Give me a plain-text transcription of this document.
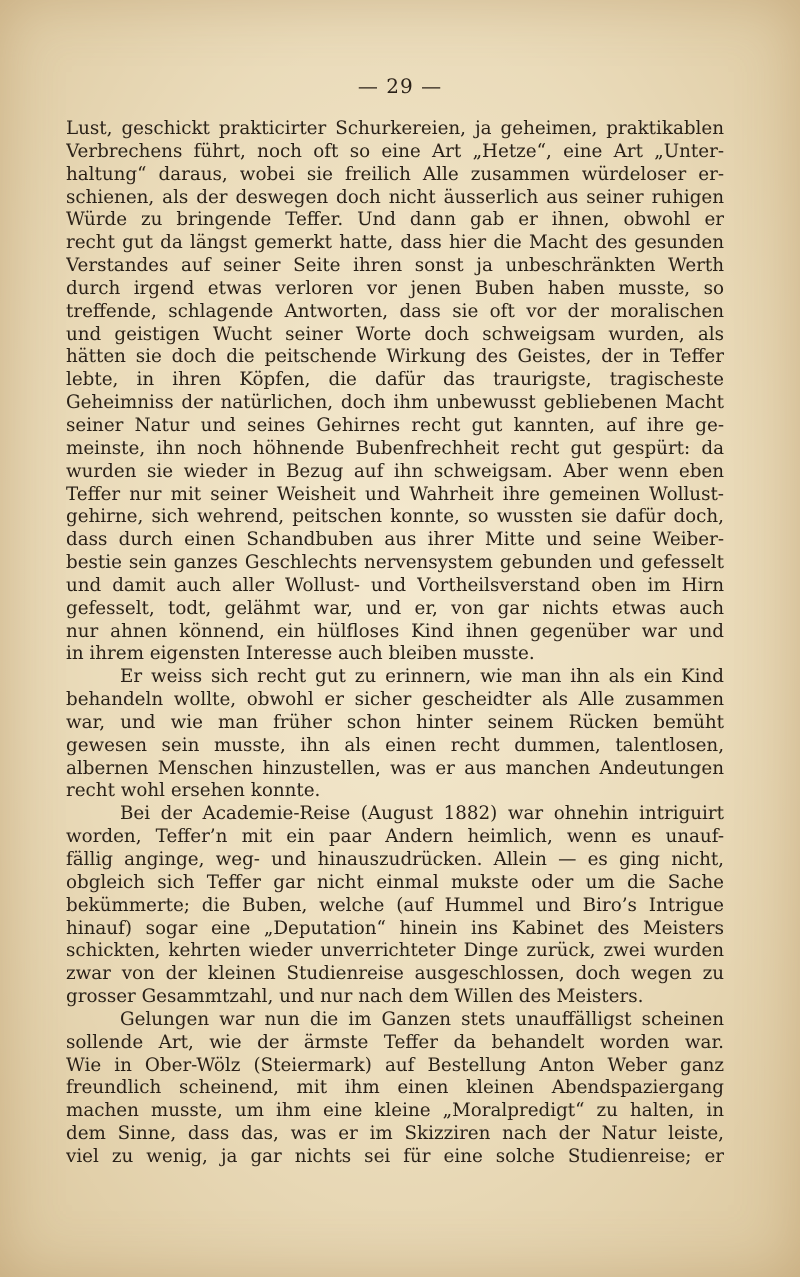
— 29 —
Lust, geschickt prakticirter Schurkereien, ja geheimen, praktikablen
Verbrechens führt, noch oft so eine Art „Hetze“, eine Art „Unter-
haltung“ daraus, wobei sie freilich Alle zusammen würdeloser er-
schienen, als der deswegen doch nicht äusserlich aus seiner ruhigen
Würde zu bringende Teffer. Und dann gab er ihnen, obwohl er
recht gut da längst gemerkt hatte, dass hier die Macht des gesunden
Verstandes auf seiner Seite ihren sonst ja unbeschränkten Werth
durch irgend etwas verloren vor jenen Buben haben musste, so
treffende, schlagende Antworten, dass sie oft vor der moralischen
und geistigen Wucht seiner Worte doch schweigsam wurden, als
hätten sie doch die peitschende Wirkung des Geistes, der in Teffer
lebte, in ihren Köpfen, die dafür das traurigste, tragischeste
Geheimniss der natürlichen, doch ihm unbewusst gebliebenen Macht
seiner Natur und seines Gehirnes recht gut kannten, auf ihre ge-
meinste, ihn noch höhnende Bubenfrechheit recht gut gespürt: da
wurden sie wieder in Bezug auf ihn schweigsam. Aber wenn eben
Teffer nur mit seiner Weisheit und Wahrheit ihre gemeinen Wollust-
gehirne, sich wehrend, peitschen konnte, so wussten sie dafür doch,
dass durch einen Schandbuben aus ihrer Mitte und seine Weiber-
bestie sein ganzes Geschlechts nervensystem gebunden und gefesselt
und damit auch aller Wollust- und Vortheilsverstand oben im Hirn
gefesselt, todt, gelähmt war, und er, von gar nichts etwas auch
nur ahnen könnend, ein hülfloses Kind ihnen gegenüber war und
in ihrem eigensten Interesse auch bleiben musste.
Er weiss sich recht gut zu erinnern, wie man ihn als ein Kind
behandeln wollte, obwohl er sicher gescheidter als Alle zusammen
war, und wie man früher schon hinter seinem Rücken bemüht
gewesen sein musste, ihn als einen recht dummen, talentlosen,
albernen Menschen hinzustellen, was er aus manchen Andeutungen
recht wohl ersehen konnte.
Bei der Academie-Reise (August 1882) war ohnehin intriguirt
worden, Teffer’n mit ein paar Andern heimlich, wenn es unauf-
fällig anginge, weg- und hinauszudrücken. Allein — es ging nicht,
obgleich sich Teffer gar nicht einmal mukste oder um die Sache
bekümmerte; die Buben, welche (auf Hummel und Biro’s Intrigue
hinauf) sogar eine „Deputation“ hinein ins Kabinet des Meisters
schickten, kehrten wieder unverrichteter Dinge zurück, zwei wurden
zwar von der kleinen Studienreise ausgeschlossen, doch wegen zu
grosser Gesammtzahl, und nur nach dem Willen des Meisters.
Gelungen war nun die im Ganzen stets unauffälligst scheinen
sollende Art, wie der ärmste Teffer da behandelt worden war.
Wie in Ober-Wölz (Steiermark) auf Bestellung Anton Weber ganz
freundlich scheinend, mit ihm einen kleinen Abendspaziergang
machen musste, um ihm eine kleine „Moralpredigt“ zu halten, in
dem Sinne, dass das, was er im Skizziren nach der Natur leiste,
viel zu wenig, ja gar nichts sei für eine solche Studienreise; er
